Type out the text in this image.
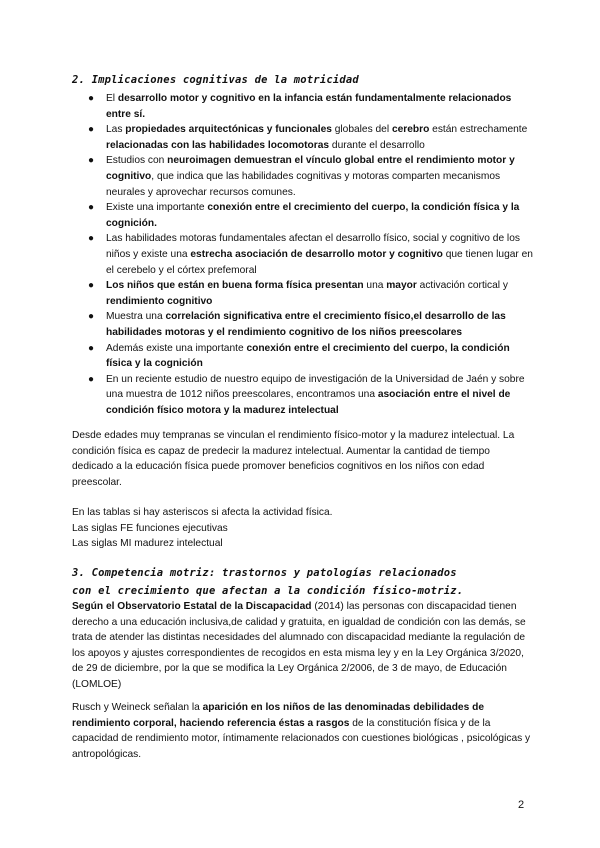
2. Implicaciones cognitivas de la motricidad
● El desarrollo motor y cognitivo en la infancia están fundamentalmente relacionados entre sí.
● Las propiedades arquitectónicas y funcionales globales del cerebro están estrechamente relacionadas con las habilidades locomotoras durante el desarrollo
● Estudios con neuroimagen demuestran el vínculo global entre el rendimiento motor y cognitivo, que indica que las habilidades cognitivas y motoras comparten mecanismos neurales y aprovechar recursos comunes.
● Existe una importante conexión entre el crecimiento del cuerpo, la condición física y la cognición.
● Las habilidades motoras fundamentales afectan el desarrollo físico, social y cognitivo de los niños y existe una estrecha asociación de desarrollo motor y cognitivo que tienen lugar en el cerebelo y el córtex prefemoral
● Los niños que están en buena forma física presentan una mayor activación cortical y rendimiento cognitivo
● Muestra una correlación significativa entre el crecimiento físico,el desarrollo de las habilidades motoras y el rendimiento cognitivo de los niños preescolares
● Además existe una importante conexión entre el crecimiento del cuerpo, la condición física y la cognición
● En un reciente estudio de nuestro equipo de investigación de la Universidad de Jaén y sobre una muestra de 1012 niños preescolares, encontramos una asociación entre el nivel de condición físico motora y la madurez intelectual

Desde edades muy tempranas se vinculan el rendimiento físico-motor y la madurez intelectual. La condición física es capaz de predecir la madurez intelectual. Aumentar la cantidad de tiempo dedicado a la educación física puede promover beneficios cognitivos en los niños con edad preescolar.

En las tablas si hay asteriscos si afecta la actividad física.
Las siglas FE funciones ejecutivas
Las siglas MI madurez intelectual
3. Competencia motriz: trastornos y patologías relacionados con el crecimiento que afectan a la condición físico-motriz.

Según el Observatorio Estatal de la Discapacidad (2014) las personas con discapacidad tienen derecho a una educación inclusiva,de calidad y gratuita, en igualdad de condición con las demás, se trata de atender las distintas necesidades del alumnado con discapacidad mediante la regulación de los apoyos y ajustes correspondientes de recogidos en esta misma ley y en la Ley Orgánica 3/2020, de 29 de diciembre, por la que se modifica la Ley Orgánica 2/2006, de 3 de mayo, de Educación (LOMLOE)

Rusch y Weineck señalan la aparición en los niños de las denominadas debilidades de rendimiento corporal, haciendo referencia éstas a rasgos de la constitución física y de la capacidad de rendimiento motor, íntimamente relacionados con cuestiones biológicas , psicológicas y antropológicas.

2
